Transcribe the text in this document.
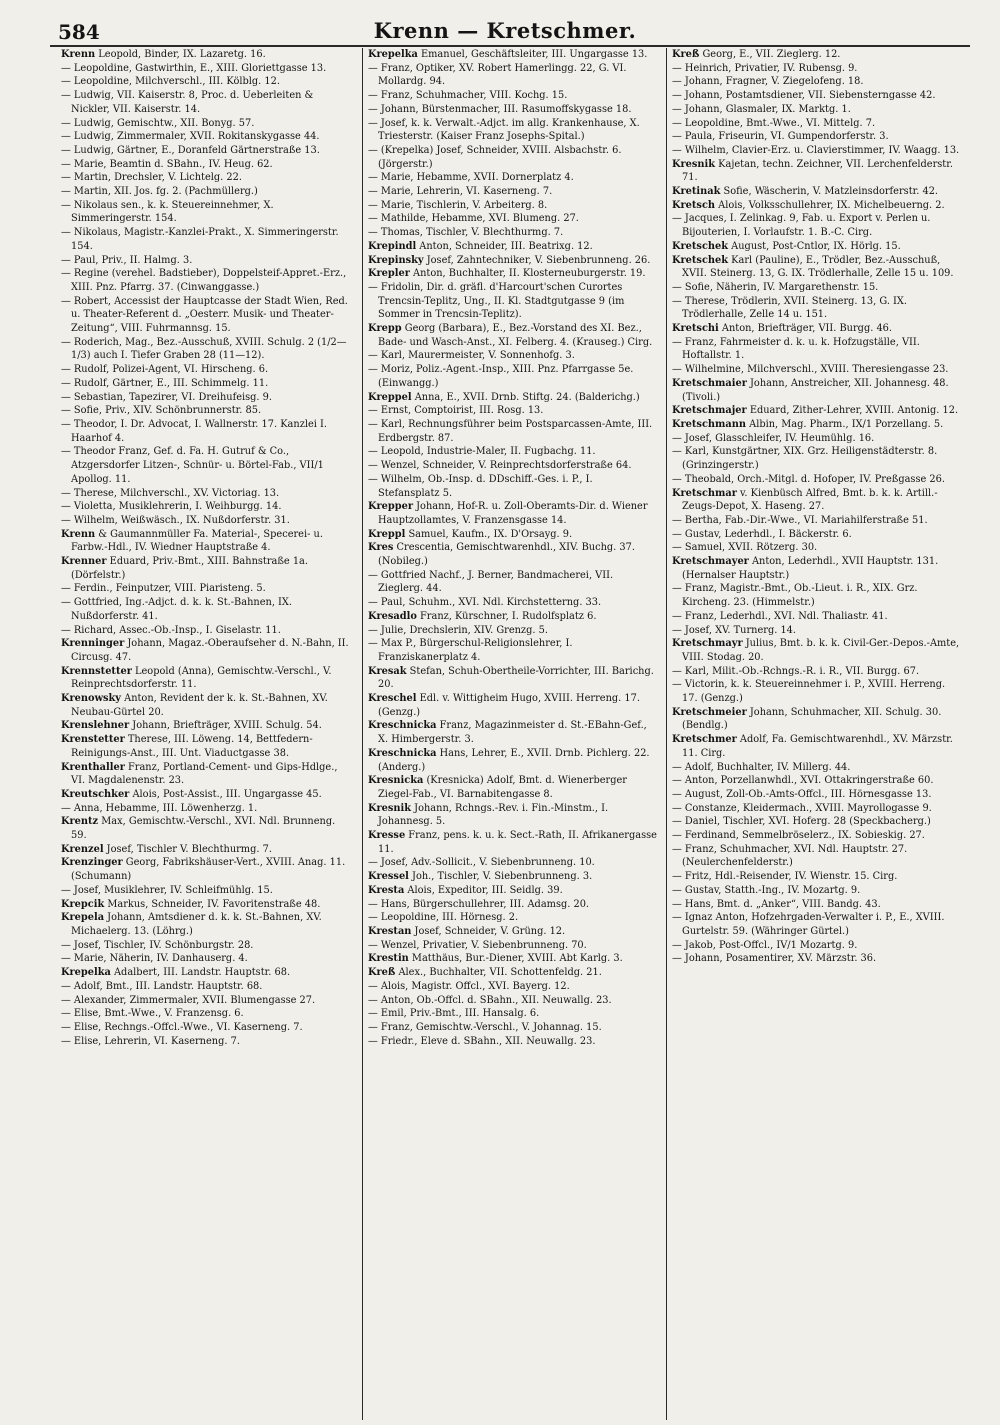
584	Krenn — Kretschmer.

Krenn Leopold, Binder, IX. Lazaretg. 16.

— Leopoldine, Gastwirthin, E., XIII. Gloriettgasse 13.

— Leopoldine, Milchverschl., III. Kölblg. 12.

— Ludwig, VII. Kaiserstr. 8, Proc. d. Ueberleiten & Nickler, VII. Kaiserstr. 14.

— Ludwig, Gemischtw., XII. Bonyg. 57.

— Ludwig, Zimmermaler, XVII. Rokitanskygasse 44.

— Ludwig, Gärtner, E., Doranfeld Gärtnerstraße 13.

— Marie, Beamtin d. SBahn., IV. Heug. 62.

— Martin, Drechsler, V. Lichtelg. 22.

— Martin, XII. Jos. fg. 2. (Pachmüllerg.)

— Nikolaus sen., k. k. Steuereinnehmer, X. Simmeringerstr. 154.

— Nikolaus, Magistr.-Kanzlei-Prakt., X. Simmeringerstr. 154.

— Paul, Priv., II. Halmg. 3.

— Regine (verehel. Badstieber), Doppelsteif-Appret.-Erz., XIII. Pnz. Pfarrg. 37. (Cinwanggasse.)

— Robert, Accessist der Hauptcasse der Stadt Wien, Red. u. Theater-Referent d. „Oesterr. Musik- und Theater-Zeitung“, VIII. Fuhrmannsg. 15.

— Roderich, Mag., Bez.-Ausschuß, XVIII. Schulg. 2 (1/2—1/3) auch I. Tiefer Graben 28 (11—12).

— Rudolf, Polizei-Agent, VI. Hirscheng. 6.

— Rudolf, Gärtner, E., III. Schimmelg. 11.

— Sebastian, Tapezirer, VI. Dreihufeisg. 9.

— Sofie, Priv., XIV. Schönbrunnerstr. 85.

— Theodor, I. Dr. Advocat, I. Wallnerstr. 17. Kanzlei I. Haarhof 4.

— Theodor Franz, Gef. d. Fa. H. Gutruf & Co., Atzgersdorfer Litzen-, Schnür- u. Börtel-Fab., VII/1 Apollog. 11.

— Therese, Milchverschl., XV. Victoriag. 13.

— Violetta, Musiklehrerin, I. Weihburgg. 14.

— Wilhelm, Weißwäsch., IX. Nußdorferstr. 31.

Krenn & Gaumannmüller Fa. Material-, Specerei- u. Farbw.-Hdl., IV. Wiedner Hauptstraße 4.

Krenner Eduard, Priv.-Bmt., XIII. Bahnstraße 1a. (Dörfelstr.)

— Ferdin., Feinputzer, VIII. Piaristeng. 5.

— Gottfried, Ing.-Adjct. d. k. k. St.-Bahnen, IX. Nußdorferstr. 41.

— Richard, Assec.-Ob.-Insp., I. Giselastr. 11.

Krenninger Johann, Magaz.-Oberaufseher d. N.-Bahn, II. Circusg. 47.

Krennstetter Leopold (Anna), Gemischtw.-Verschl., V. Reinprechtsdorferstr. 11.

Krenowsky Anton, Revident der k. k. St.-Bahnen, XV. Neubau-Gürtel 20.

Krenslehner Johann, Briefträger, XVIII. Schulg. 54.

Krenstetter Therese, III. Löweng. 14, Bettfedern-Reinigungs-Anst., III. Unt. Viaductgasse 38.

Krenthaller Franz, Portland-Cement- und Gips-Hdlge., VI. Magdalenenstr. 23.

Kreutschker Alois, Post-Assist., III. Ungargasse 45.

— Anna, Hebamme, III. Löwenherzg. 1.

Krentz Max, Gemischtw.-Verschl., XVI. Ndl. Brunneng. 59.

Krenzel Josef, Tischler V. Blechthurmg. 7.

Krenzinger Georg, Fabrikshäuser-Vert., XVIII. Anag. 11. (Schumann)

— Josef, Musiklehrer, IV. Schleifmühlg. 15.

Krepcik Markus, Schneider, IV. Favoritenstraße 48.

Krepela Johann, Amtsdiener d. k. k. St.-Bahnen, XV. Michaelerg. 13. (Löhrg.)

— Josef, Tischler, IV. Schönburgstr. 28.

— Marie, Näherin, IV. Danhauserg. 4.

Krepelka Adalbert, III. Landstr. Hauptstr. 68.

— Adolf, Bmt., III. Landstr. Hauptstr. 68.

— Alexander, Zimmermaler, XVII. Blumengasse 27.

— Elise, Bmt.-Wwe., V. Franzensg. 6.

— Elise, Rechngs.-Offcl.-Wwe., VI. Kaserneng. 7.

— Elise, Lehrerin, VI. Kaserneng. 7.

Krepelka Emanuel, Geschäftsleiter, III. Ungargasse 13.

— Franz, Optiker, XV. Robert Hamerlingg. 22, G. VI. Mollardg. 94.

— Franz, Schuhmacher, VIII. Kochg. 15.

— Johann, Bürstenmacher, III. Rasumoffskygasse 18.

— Josef, k. k. Verwalt.-Adjct. im allg. Krankenhause, X. Triesterstr. (Kaiser Franz Josephs-Spital.)

— (Krepelka) Josef, Schneider, XVIII. Alsbachstr. 6. (Jörgerstr.)

— Marie, Hebamme, XVII. Dornerplatz 4.

— Marie, Lehrerin, VI. Kaserneng. 7.

— Marie, Tischlerin, V. Arbeiterg. 8.

— Mathilde, Hebamme, XVI. Blumeng. 27.

— Thomas, Tischler, V. Blechthurmg. 7.

Krepindl Anton, Schneider, III. Beatrixg. 12.

Krepinsky Josef, Zahntechniker, V. Siebenbrunneng. 26.

Krepler Anton, Buchhalter, II. Klosterneuburgerstr. 19.

— Fridolin, Dir. d. gräfl. d'Harcourt'schen Curortes Trencsin-Teplitz, Ung., II. Kl. Stadtgutgasse 9 (im Sommer in Trencsin-Teplitz).

Krepp Georg (Barbara), E., Bez.-Vorstand des XI. Bez., Bade- und Wasch-Anst., XI. Felberg. 4. (Krauseg.) Cirg.

— Karl, Maurermeister, V. Sonnenhofg. 3.

— Moriz, Poliz.-Agent.-Insp., XIII. Pnz. Pfarrgasse 5e. (Einwangg.)

Kreppel Anna, E., XVII. Drnb. Stiftg. 24. (Balderichg.)

— Ernst, Comptoirist, III. Rosg. 13.

— Karl, Rechnungsführer beim Postsparcassen-Amte, III. Erdbergstr. 87.

— Leopold, Industrie-Maler, II. Fugbachg. 11.

— Wenzel, Schneider, V. Reinprechtsdorferstraße 64.

— Wilhelm, Ob.-Insp. d. DDschiff.-Ges. i. P., I. Stefansplatz 5.

Krepper Johann, Hof-R. u. Zoll-Oberamts-Dir. d. Wiener Hauptzollamtes, V. Franzensgasse 14.

Kreppl Samuel, Kaufm., IX. D'Orsayg. 9.

Kres Crescentia, Gemischtwarenhdl., XIV. Buchg. 37. (Nobileg.)

— Gottfried Nachf., J. Berner, Bandmacherei, VII. Zieglerg. 44.

— Paul, Schuhm., XVI. Ndl. Kirchstetterng. 33.

Kresadlo Franz, Kürschner, I. Rudolfsplatz 6.

— Julie, Drechslerin, XIV. Grenzg. 5.

— Max P., Bürgerschul-Religionslehrer, I. Franziskanerplatz 4.

Kresak Stefan, Schuh-Obertheile-Vorrichter, III. Barichg. 20.

Kreschel Edl. v. Wittigheim Hugo, XVIII. Herreng. 17. (Genzg.)

Kreschnicka Franz, Magazinmeister d. St.-EBahn-Gef., X. Himbergerstr. 3.

Kreschnicka Hans, Lehrer, E., XVII. Drnb. Pichlerg. 22. (Anderg.)

Kresnicka (Kresnicka) Adolf, Bmt. d. Wienerberger Ziegel-Fab., VI. Barnabitengasse 8.

Kresnik Johann, Rchngs.-Rev. i. Fin.-Minstm., I. Johannesg. 5.

Kresse Franz, pens. k. u. k. Sect.-Rath, II. Afrikanergasse 11.

— Josef, Adv.-Sollicit., V. Siebenbrunneng. 10.

Kressel Joh., Tischler, V. Siebenbrunneng. 3.

Kresta Alois, Expeditor, III. Seidlg. 39.

— Hans, Bürgerschullehrer, III. Adamsg. 20.

— Leopoldine, III. Hörnesg. 2.

Krestan Josef, Schneider, V. Grüng. 12.

— Wenzel, Privatier, V. Siebenbrunneng. 70.

Krestin Matthäus, Bur.-Diener, XVIII. Abt Karlg. 3.

Kreß Alex., Buchhalter, VII. Schottenfeldg. 21.

— Alois, Magistr. Offcl., XVI. Bayerg. 12.

— Anton, Ob.-Offcl. d. SBahn., XII. Neuwallg. 23.

— Emil, Priv.-Bmt., III. Hansalg. 6.

— Franz, Gemischtw.-Verschl., V. Johannag. 15.

— Friedr., Eleve d. SBahn., XII. Neuwallg. 23.

Kreß Georg, E., VII. Zieglerg. 12.

— Heinrich, Privatier, IV. Rubensg. 9.

— Johann, Fragner, V. Ziegelofeng. 18.

— Johann, Postamtsdiener, VII. Siebensterngasse 42.

— Johann, Glasmaler, IX. Marktg. 1.

— Leopoldine, Bmt.-Wwe., VI. Mittelg. 7.

— Paula, Friseurin, VI. Gumpendorferstr. 3.

— Wilhelm, Clavier-Erz. u. Clavierstimmer, IV. Waagg. 13.

Kresnik Kajetan, techn. Zeichner, VII. Lerchenfelderstr. 71.

Kretinak Sofie, Wäscherin, V. Matzleinsdorferstr. 42.

Kretsch Alois, Volksschullehrer, IX. Michelbeuerng. 2.

— Jacques, I. Zelinkag. 9, Fab. u. Export v. Perlen u. Bijouterien, I. Vorlaufstr. 1. B.-C. Cirg.

Kretschek August, Post-Cntlor, IX. Hörlg. 15.

Kretschek Karl (Pauline), E., Trödler, Bez.-Ausschuß, XVII. Steinerg. 13, G. IX. Trödlerhalle, Zelle 15 u. 109.

— Sofie, Näherin, IV. Margarethenstr. 15.

— Therese, Trödlerin, XVII. Steinerg. 13, G. IX. Trödlerhalle, Zelle 14 u. 151.

Kretschi Anton, Briefträger, VII. Burgg. 46.

— Franz, Fahrmeister d. k. u. k. Hofzugställe, VII. Hoftallstr. 1.

— Wilhelmine, Milchverschl., XVIII. Theresiengasse 23.

Kretschmaier Johann, Anstreicher, XII. Johannesg. 48. (Tivoli.)

Kretschmajer Eduard, Zither-Lehrer, XVIII. Antonig. 12.

Kretschmann Albin, Mag. Pharm., IX/1 Porzellang. 5.

— Josef, Glasschleifer, IV. Heumühlg. 16.

— Karl, Kunstgärtner, XIX. Grz. Heiligenstädterstr. 8. (Grinzingerstr.)

— Theobald, Orch.-Mitgl. d. Hofoper, IV. Preßgasse 26.

Kretschmar v. Kienbüsch Alfred, Bmt. b. k. k. Artill.-Zeugs-Depot, X. Haseng. 27.

— Bertha, Fab.-Dir.-Wwe., VI. Mariahilferstraße 51.

— Gustav, Lederhdl., I. Bäckerstr. 6.

— Samuel, XVII. Rötzerg. 30.

Kretschmayer Anton, Lederhdl., XVII Hauptstr. 131. (Hernalser Hauptstr.)

— Franz, Magistr.-Bmt., Ob.-Lieut. i. R., XIX. Grz. Kircheng. 23. (Himmelstr.)

— Franz, Lederhdl., XVI. Ndl. Thaliastr. 41.

— Josef, XV. Turnerg. 14.

Kretschmayr Julius, Bmt. b. k. k. Civil-Ger.-Depos.-Amte, VIII. Stodag. 20.

— Karl, Milit.-Ob.-Rchngs.-R. i. R., VII. Burgg. 67.

— Victorin, k. k. Steuereinnehmer i. P., XVIII. Herreng. 17. (Genzg.)

Kretschmeier Johann, Schuhmacher, XII. Schulg. 30. (Bendlg.)

Kretschmer Adolf, Fa. Gemischtwarenhdl., XV. Märzstr. 11. Cirg.

— Adolf, Buchhalter, IV. Millerg. 44.

— Anton, Porzellanwhdl., XVI. Ottakringerstraße 60.

— August, Zoll-Ob.-Amts-Offcl., III. Hörnesgasse 13.

— Constanze, Kleidermach., XVIII. Mayrollogasse 9.

— Daniel, Tischler, XVI. Hoferg. 28 (Speckbacherg.)

— Ferdinand, Semmelbröselerz., IX. Sobieskig. 27.

— Franz, Schuhmacher, XVI. Ndl. Hauptstr. 27. (Neulerchenfelderstr.)

— Fritz, Hdl.-Reisender, IV. Wienstr. 15. Cirg.

— Gustav, Statth.-Ing., IV. Mozartg. 9.

— Hans, Bmt. d. „Anker“, VIII. Bandg. 43.

— Ignaz Anton, Hofzehrgaden-Verwalter i. P., E., XVIII. Gurtelstr. 59. (Währinger Gürtel.)

— Jakob, Post-Offcl., IV/1 Mozartg. 9.

— Johann, Posamentirer, XV. Märzstr. 36.
